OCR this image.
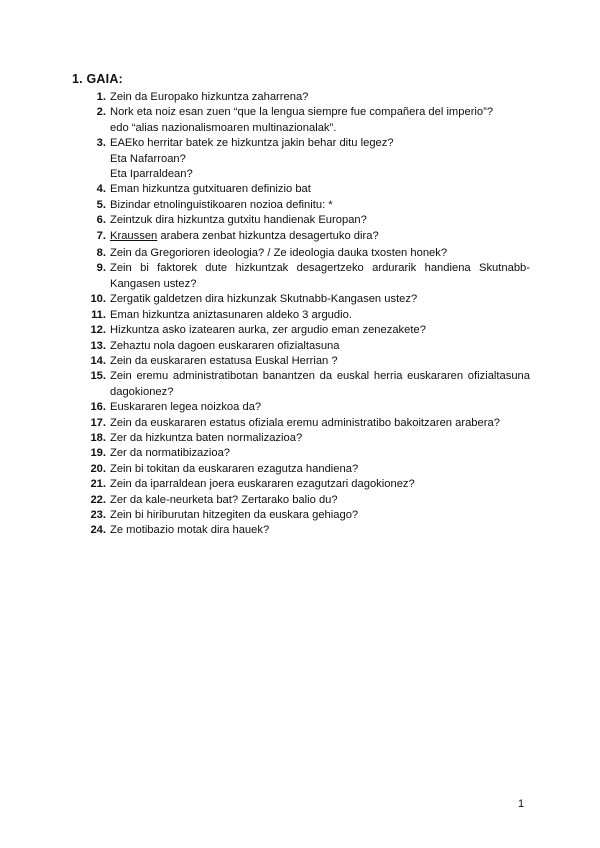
1. GAIA:
1. Zein da Europako hizkuntza zaharrena?
2. Nork eta noiz esan zuen “que la lengua siempre fue compañera del imperio”?
edo “alias nazionalismoaren multinazionalak”.
3. EAEko herritar batek ze hizkuntza jakin behar ditu legez?
Eta Nafarroan?
Eta Iparraldean?
4. Eman hizkuntza gutxituaren definizio bat
5. Bizindar etnolinguistikoaren nozioa definitu: *
6. Zeintzuk dira hizkuntza gutxitu handienak Europan?
7. Kraussen arabera zenbat hizkuntza desagertuko dira?
8. Zein da Gregorioren ideologia? / Ze ideologia dauka txosten honek?
9. Zein bi faktorek dute hizkuntzak desagertzeko ardurarik handiena Skutnabb-Kangasen ustez?
10. Zergatik galdetzen dira hizkunzak Skutnabb-Kangasen ustez?
11. Eman hizkuntza aniztasunaren aldeko 3 argudio.
12. Hizkuntza asko izatearen aurka, zer argudio eman zenezakete?
13. Zehaztu nola dagoen euskararen ofizialtasuna
14. Zein da euskararen estatusa Euskal Herrian ?
15. Zein eremu administratibotan banantzen da euskal herria euskararen ofizialtasuna dagokionez?
16. Euskararen legea noizkoa da?
17. Zein da euskararen estatus ofiziala eremu administratibo bakoitzaren arabera?
18. Zer da hizkuntza baten normalizazioa?
19. Zer da normatibizazioa?
20. Zein bi tokitan da euskararen ezagutza handiena?
21. Zein da iparraldean joera euskararen ezagutzari dagokionez?
22. Zer da kale-neurketa bat? Zertarako balio du?
23. Zein bi hiriburutan hitzegiten da euskara gehiago?
24. Ze motibazio motak dira hauek?
1
